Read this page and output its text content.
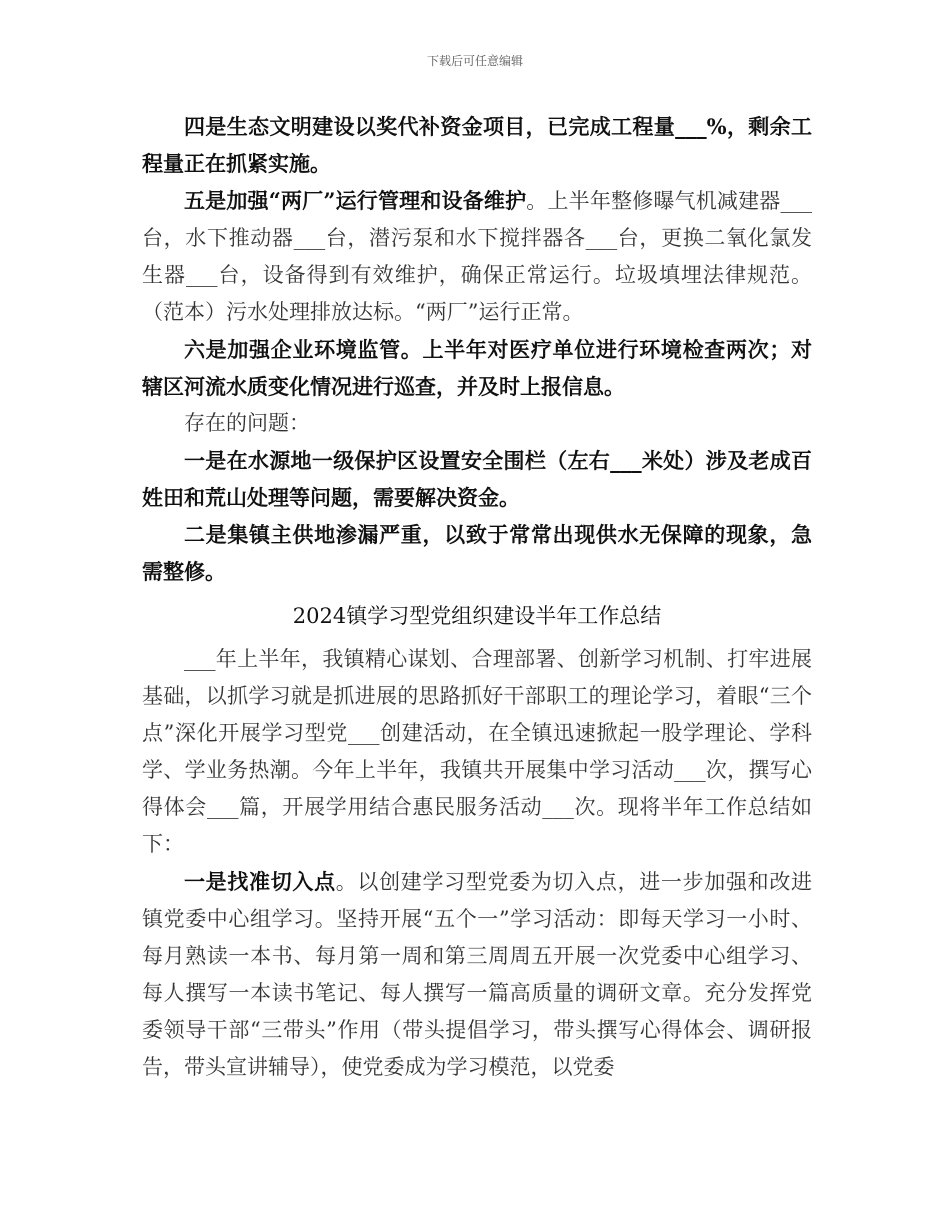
下载后可任意编辑

四是生态文明建设以奖代补资金项目，已完成工程量___%，剩余工程量正在抓紧实施。

五是加强“两厂”运行管理和设备维护。上半年整修曝气机减建器___台，水下推动器___台，潜污泵和水下搅拌器各___台，更换二氧化氯发生器___台，设备得到有效维护，确保正常运行。垃圾填埋法律规范。（范本）污水处理排放达标。“两厂”运行正常。

六是加强企业环境监管。上半年对医疗单位进行环境检查两次；对辖区河流水质变化情况进行巡查，并及时上报信息。

存在的问题：

一是在水源地一级保护区设置安全围栏（左右___米处）涉及老成百姓田和荒山处理等问题，需要解决资金。

二是集镇主供地渗漏严重，以致于常常出现供水无保障的现象，急需整修。

2024镇学习型党组织建设半年工作总结

___年上半年，我镇精心谋划、合理部署、创新学习机制、打牢进展基础，以抓学习就是抓进展的思路抓好干部职工的理论学习，着眼“三个点”深化开展学习型党___创建活动，在全镇迅速掀起一股学理论、学科学、学业务热潮。今年上半年，我镇共开展集中学习活动___次，撰写心得体会___篇，开展学用结合惠民服务活动___次。现将半年工作总结如下：

一是找准切入点。以创建学习型党委为切入点，进一步加强和改进镇党委中心组学习。坚持开展“五个一”学习活动：即每天学习一小时、每月熟读一本书、每月第一周和第三周周五开展一次党委中心组学习、每人撰写一本读书笔记、每人撰写一篇高质量的调研文章。充分发挥党委领导干部“三带头”作用（带头提倡学习，带头撰写心得体会、调研报告，带头宣讲辅导），使党委成为学习模范，以党委
